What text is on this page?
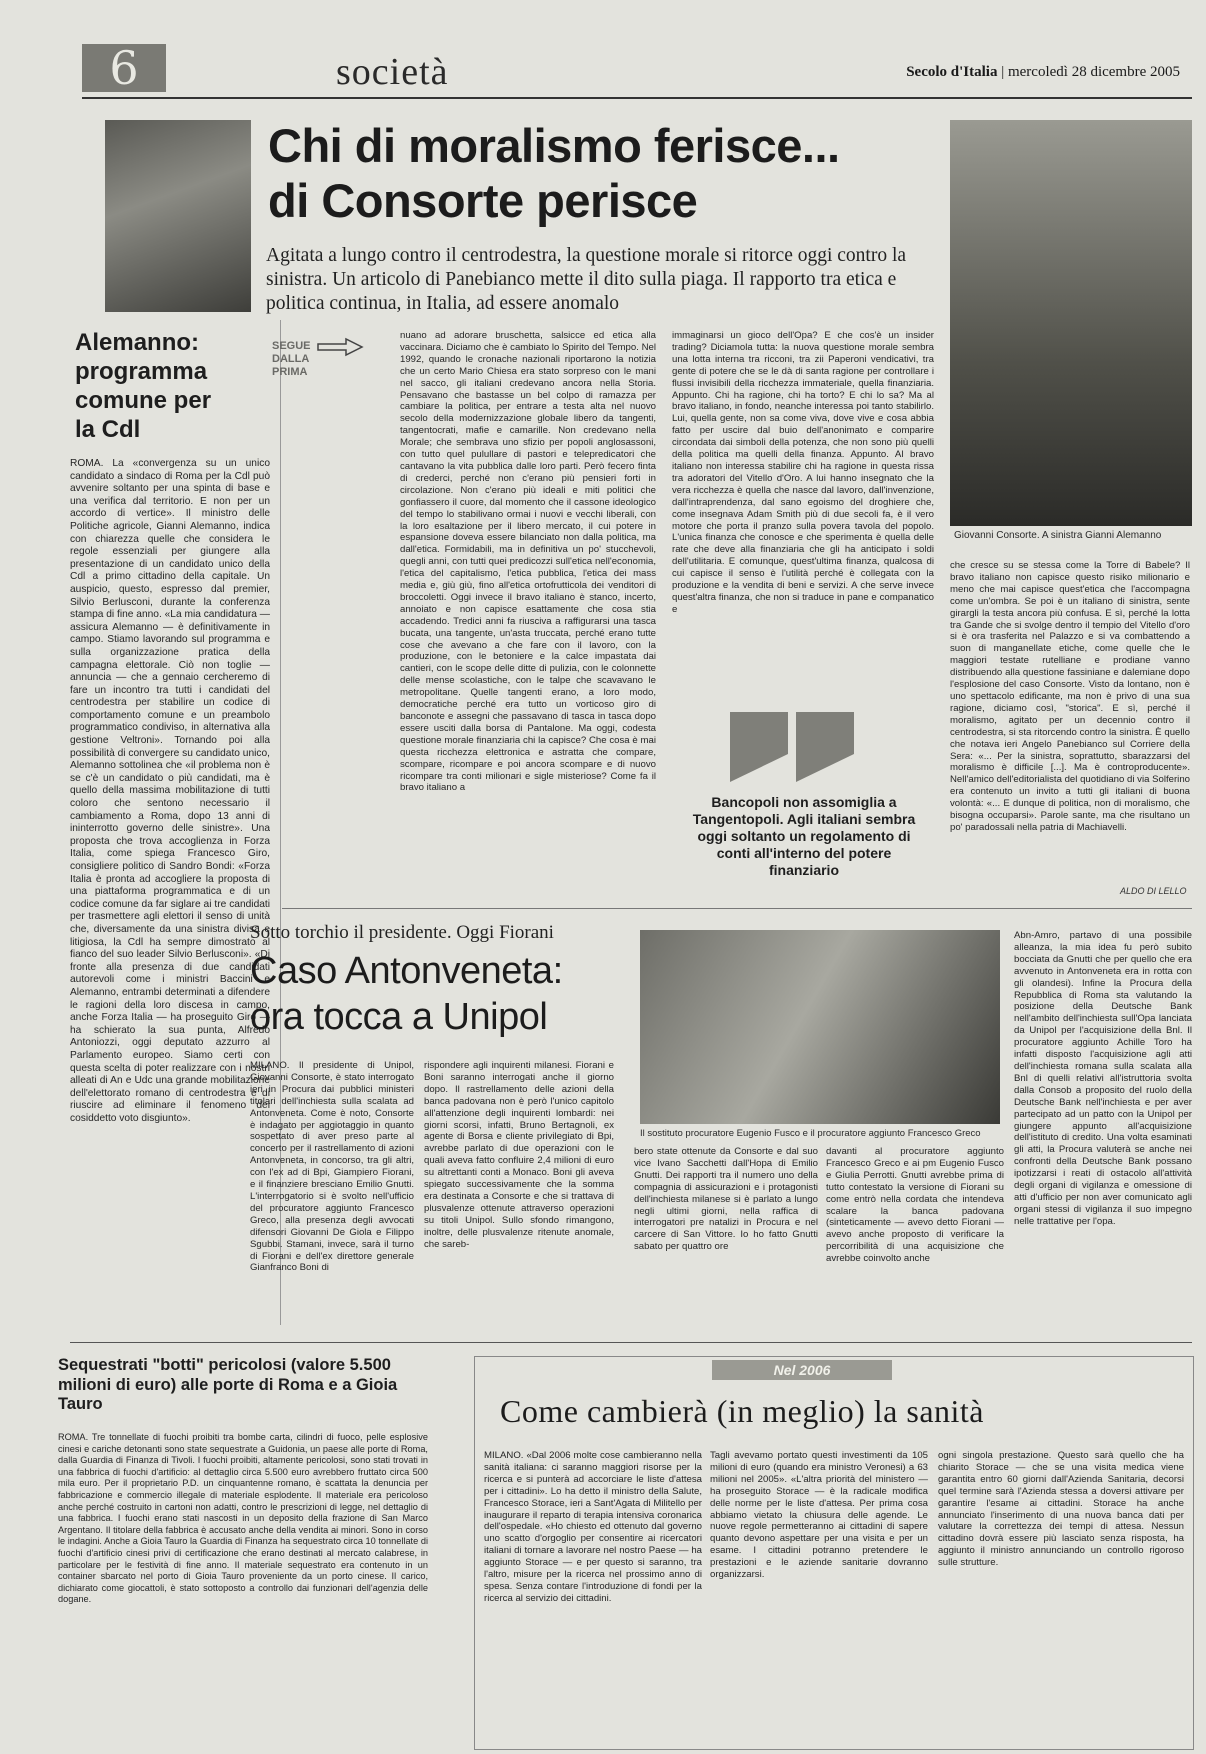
6	società	Secolo d'Italia | mercoledì 28 dicembre 2005
Chi di moralismo ferisce...
di Consorte perisce
Agitata a lungo contro il centrodestra, la questione morale si ritorce oggi contro la sinistra. Un articolo di Panebianco mette il dito sulla piaga. Il rapporto tra etica e politica continua, in Italia, ad essere anomalo
Giovanni Consorte. A sinistra Gianni Alemanno
Alemanno: programma comune per la Cdl

ROMA. La «convergenza su un unico candidato a sindaco di Roma per la Cdl può avvenire soltanto per una spinta di base e una verifica dal territorio. E non per un accordo di vertice». Il ministro delle Politiche agricole, Gianni Alemanno, indica con chiarezza quelle che considera le regole essenziali per giungere alla presentazione di un candidato unico della Cdl a primo cittadino della capitale. Un auspicio, questo, espresso dal premier, Silvio Berlusconi, durante la conferenza stampa di fine anno. «La mia candidatura — assicura Alemanno — è definitivamente in campo. Stiamo lavorando sul programma e sulla organizzazione pratica della campagna elettorale. Ciò non toglie — annuncia — che a gennaio cercheremo di fare un incontro tra tutti i candidati del centrodestra per stabilire un codice di comportamento comune e un preambolo programmatico condiviso, in alternativa alla gestione Veltroni». Tornando poi alla possibilità di convergere su candidato unico, Alemanno sottolinea che «il problema non è se c'è un candidato o più candidati, ma è quello della massima mobilitazione di tutti coloro che sentono necessario il cambiamento a Roma, dopo 13 anni di ininterrotto governo delle sinistre». Una proposta che trova accoglienza in Forza Italia, come spiega Francesco Giro, consigliere politico di Sandro Bondi: «Forza Italia è pronta ad accogliere la proposta di una piattaforma programmatica e di un codice comune da far siglare ai tre candidati per trasmettere agli elettori il senso di unità che, diversamente da una sinistra divisa e litigiosa, la Cdl ha sempre dimostrato al fianco del suo leader Silvio Berlusconi». «Di fronte alla presenza di due candidati autorevoli come i ministri Baccini e Alemanno, entrambi determinati a difendere le ragioni della loro discesa in campo, anche Forza Italia — ha proseguito Giro — ha schierato la sua punta, Alfredo Antoniozzi, oggi deputato azzurro al Parlamento europeo. Siamo certi con questa scelta di poter realizzare con i nostri alleati di An e Udc una grande mobilitazione dell'elettorato romano di centrodestra e di riuscire ad eliminare il fenomeno del cosiddetto voto disgiunto».

SEGUE DALLA PRIMA

nuano ad adorare bruschetta, salsicce ed etica alla vaccinara. Diciamo che è cambiato lo Spirito del Tempo. Nel 1992, quando le cronache nazionali riportarono la notizia che un certo Mario Chiesa era stato sorpreso con le mani nel sacco, gli italiani credevano ancora nella Storia. Pensavano che bastasse un bel colpo di ramazza per cambiare la politica, per entrare a testa alta nel nuovo secolo della modernizzazione globale libero da tangenti, tangentocrati, mafie e camarille. Non credevano nella Morale; che sembrava uno sfizio per popoli anglosassoni, con tutto quel pulullare di pastori e telepredicatori che cantavano la vita pubblica dalle loro parti. Però fecero finta di crederci, perché non c'erano più pensieri forti in circolazione. Non c'erano più ideali e miti politici che gonfiassero il cuore, dal momento che il cassone ideologico del tempo lo stabilivano ormai i nuovi e vecchi liberali, con la loro esaltazione per il libero mercato, il cui potere in espansione doveva essere bilanciato non dalla politica, ma dall'etica. Formidabili, ma in definitiva un po' stucchevoli, quegli anni, con tutti quei predicozzi sull'etica nell'economia, l'etica del capitalismo, l'etica pubblica, l'etica dei mass media e, giù giù, fino all'etica ortofrutticola dei venditori di broccoletti. Oggi invece il bravo italiano è stanco, incerto, annoiato e non capisce esattamente che cosa stia accadendo. Tredici anni fa riusciva a raffigurarsi una tasca bucata, una tangente, un'asta truccata, perché erano tutte cose che avevano a che fare con il lavoro, con la produzione, con le betoniere e la calce impastata dai cantieri, con le scope delle ditte di pulizia, con le colonnette delle mense scolastiche, con le talpe che scavavano le metropolitane. Quelle tangenti erano, a loro modo, democratiche perché era tutto un vorticoso giro di banconote e assegni che passavano di tasca in tasca dopo essere usciti dalla borsa di Pantalone. Ma oggi, codesta questione morale finanziaria chi la capisce? Che cosa è mai questa ricchezza elettronica e astratta che compare, scompare, ricompare e poi ancora scompare e di nuovo ricompare tra conti milionari e sigle misteriose? Come fa il bravo italiano a

immaginarsi un gioco dell'Opa? E che cos'è un insider trading? Diciamola tutta: la nuova questione morale sembra una lotta interna tra ricconi, tra zii Paperoni vendicativi, tra gente di potere che se le dà di santa ragione per controllare i flussi invisibili della ricchezza immateriale, quella finanziaria. Appunto. Chi ha ragione, chi ha torto? E chi lo sa? Ma al bravo italiano, in fondo, neanche interessa poi tanto stabilirlo. Lui, quella gente, non sa come viva, dove vive e cosa abbia fatto per uscire dal buio dell'anonimato e comparire circondata dai simboli della potenza, che non sono più quelli della politica ma quelli della finanza. Appunto. Al bravo italiano non interessa stabilire chi ha ragione in questa rissa tra adoratori del Vitello d'Oro. A lui hanno insegnato che la vera ricchezza è quella che nasce dal lavoro, dall'invenzione, dall'intraprendenza, dal sano egoismo del droghiere che, come insegnava Adam Smith più di due secoli fa, è il vero motore che porta il pranzo sulla povera tavola del popolo. L'unica finanza che conosce e che sperimenta è quella delle rate che deve alla finanziaria che gli ha anticipato i soldi dell'utilitaria. E comunque, quest'ultima finanza, qualcosa di cui capisce il senso è l'utilità perché è collegata con la produzione e la vendita di beni e servizi. A che serve invece quest'altra finanza, che non si traduce in pane e companatico e

Bancopoli non assomiglia a Tangentopoli. Agli italiani sembra oggi soltanto un regolamento di conti all'interno del potere finanziario

che cresce su se stessa come la Torre di Babele? Il bravo italiano non capisce questo risiko milionario e meno che mai capisce quest'etica che l'accompagna come un'ombra. Se poi è un italiano di sinistra, sente girargli la testa ancora più confusa. E sì, perché la lotta tra Gande che si svolge dentro il tempio del Vitello d'oro si è ora trasferita nel Palazzo e si va combattendo a suon di manganellate etiche, come quelle che le maggiori testate rutelliane e prodiane vanno distribuendo alla questione fassiniane e dalemiane dopo l'esplosione del caso Consorte. Visto da lontano, non è uno spettacolo edificante, ma non è privo di una sua ragione, diciamo così, "storica". E sì, perché il moralismo, agitato per un decennio contro il centrodestra, si sta ritorcendo contro la sinistra. È quello che notava ieri Angelo Panebianco sul Corriere della Sera: «... Per la sinistra, soprattutto, sbarazzarsi del moralismo è difficile [...]. Ma è controproducente». Nell'amico dell'editorialista del quotidiano di via Solferino era contenuto un invito a tutti gli italiani di buona volontà: «... E dunque di politica, non di moralismo, che bisogna occuparsi». Parole sante, ma che risultano un po' paradossali nella patria di Machiavelli.

ALDO DI LELLO
Sotto torchio il presidente. Oggi Fiorani
Caso Antonveneta:
ora tocca a Unipol

MILANO. Il presidente di Unipol, Giovanni Consorte, è stato interrogato ieri in Procura dai pubblici ministeri titolari dell'inchiesta sulla scalata ad Antonveneta. Come è noto, Consorte è indagato per aggiotaggio in quanto sospettato di aver preso parte al concerto per il rastrellamento di azioni Antonveneta, in concorso, tra gli altri, con l'ex ad di Bpi, Giampiero Fiorani, e il finanziere bresciano Emilio Gnutti. L'interrogatorio si è svolto nell'ufficio del procuratore aggiunto Francesco Greco, alla presenza degli avvocati difensori Giovanni De Giola e Filippo Sgubbi. Stamani, invece, sarà il turno di Fiorani e dell'ex direttore generale Gianfranco Boni di

rispondere agli inquirenti milanesi. Fiorani e Boni saranno interrogati anche il giorno dopo. Il rastrellamento delle azioni della banca padovana non è però l'unico capitolo all'attenzione degli inquirenti lombardi: nei giorni scorsi, infatti, Bruno Bertagnoli, ex agente di Borsa e cliente privilegiato di Bpi, avrebbe parlato di due operazioni con le quali aveva fatto confluire 2,4 milioni di euro su altrettanti conti a Monaco. Boni gli aveva spiegato successivamente che la somma era destinata a Consorte e che si trattava di plusvalenze ottenute attraverso operazioni su titoli Unipol. Sullo sfondo rimangono, inoltre, delle plusvalenze ritenute anomale, che sareb-

Il sostituto procuratore Eugenio Fusco e il procuratore aggiunto Francesco Greco

bero state ottenute da Consorte e dal suo vice Ivano Sacchetti dall'Hopa di Emilio Gnutti. Dei rapporti tra il numero uno della compagnia di assicurazioni e i protagonisti dell'inchiesta milanese si è parlato a lungo negli ultimi giorni, nella raffica di interrogatori pre natalizi in Procura e nel carcere di San Vittore. Io ho fatto Gnutti sabato per quattro ore

davanti al procuratore aggiunto Francesco Greco e ai pm Eugenio Fusco e Giulia Perrotti. Gnutti avrebbe prima di tutto contestato la versione di Fiorani su come entrò nella cordata che intendeva scalare la banca padovana (sinteticamente — avevo detto Fiorani — avevo anche proposto di verificare la percorribilità di una acquisizione che avrebbe coinvolto anche

Abn-Amro, partavo di una possibile alleanza, la mia idea fu però subito bocciata da Gnutti che per quello che era avvenuto in Antonveneta era in rotta con gli olandesi). Infine la Procura della Repubblica di Roma sta valutando la posizione della Deutsche Bank nell'ambito dell'inchiesta sull'Opa lanciata da Unipol per l'acquisizione della Bnl. Il procuratore aggiunto Achille Toro ha infatti disposto l'acquisizione agli atti dell'inchiesta romana sulla scalata alla Bnl di quelli relativi all'istruttoria svolta dalla Consob a proposito del ruolo della Deutsche Bank nell'inchiesta e per aver partecipato ad un patto con la Unipol per giungere appunto all'acquisizione dell'istituto di credito. Una volta esaminati gli atti, la Procura valuterà se anche nei confronti della Deutsche Bank possano ipotizzarsi i reati di ostacolo all'attività degli organi di vigilanza e omessione di atti d'ufficio per non aver comunicato agli organi stessi di vigilanza il suo impegno nelle trattative per l'opa.

Sequestrati "botti" pericolosi (valore 5.500 milioni di euro) alle porte di Roma e a Gioia Tauro

ROMA. Tre tonnellate di fuochi proibiti tra bombe carta, cilindri di fuoco, pelle esplosive cinesi e cariche detonanti sono state sequestrate a Guidonia, un paese alle porte di Roma, dalla Guardia di Finanza di Tivoli. I fuochi proibiti, altamente pericolosi, sono stati trovati in una fabbrica di fuochi d'artificio: al dettaglio circa 5.500 euro avrebbero fruttato circa 500 mila euro. Per il proprietario P.D. un cinquantenne romano, è scattata la denuncia per fabbricazione e commercio illegale di materiale esplodente. Il materiale era pericoloso anche perché costruito in cartoni non adatti, contro le prescrizioni di legge, nel dettaglio di una fabbrica. I fuochi erano stati nascosti in un deposito della frazione di San Marco Argentano. Il titolare della fabbrica è accusato anche della vendita ai minori. Sono in corso le indagini. Anche a Gioia Tauro la Guardia di Finanza ha sequestrato circa 10 tonnellate di fuochi d'artificio cinesi privi di certificazione che erano destinati al mercato calabrese, in particolare per le festività di fine anno. Il materiale sequestrato era contenuto in un container sbarcato nel porto di Gioia Tauro proveniente da un porto cinese. Il carico, dichiarato come giocattoli, è stato sottoposto a controllo dai funzionari dell'agenzia delle dogane.

Nel 2006
Come cambierà (in meglio) la sanità

MILANO. «Dal 2006 molte cose cambieranno nella sanità italiana: ci saranno maggiori risorse per la ricerca e si punterà ad accorciare le liste d'attesa per i cittadini». Lo ha detto il ministro della Salute, Francesco Storace, ieri a Sant'Agata di Militello per inaugurare il reparto di terapia intensiva coronarica dell'ospedale. «Ho chiesto ed ottenuto dal governo uno scatto d'orgoglio per consentire ai ricercatori italiani di tornare a lavorare nel nostro Paese — ha aggiunto Storace — e per questo si saranno, tra l'altro, misure per la ricerca nel prossimo anno di spesa. Senza contare l'introduzione di fondi per la ricerca al servizio dei cittadini.

Tagli avevamo portato questi investimenti da 105 milioni di euro (quando era ministro Veronesi) a 63 milioni nel 2005». «L'altra priorità del ministero — ha proseguito Storace — è la radicale modifica delle norme per le liste d'attesa. Per prima cosa abbiamo vietato la chiusura delle agende. Le nuove regole permetteranno ai cittadini di sapere quanto devono aspettare per una visita e per un esame. I cittadini potranno pretendere le prestazioni e le aziende sanitarie dovranno organizzarsi.

ogni singola prestazione. Questo sarà quello che ha chiarito Storace — che se una visita medica viene garantita entro 60 giorni dall'Azienda Sanitaria, decorsi quel termine sarà l'Azienda stessa a doversi attivare per garantire l'esame ai cittadini. Storace ha anche annunciato l'inserimento di una nuova banca dati per valutare la correttezza dei tempi di attesa. Nessun cittadino dovrà essere più lasciato senza risposta, ha aggiunto il ministro annunciando un controllo rigoroso sulle strutture.
